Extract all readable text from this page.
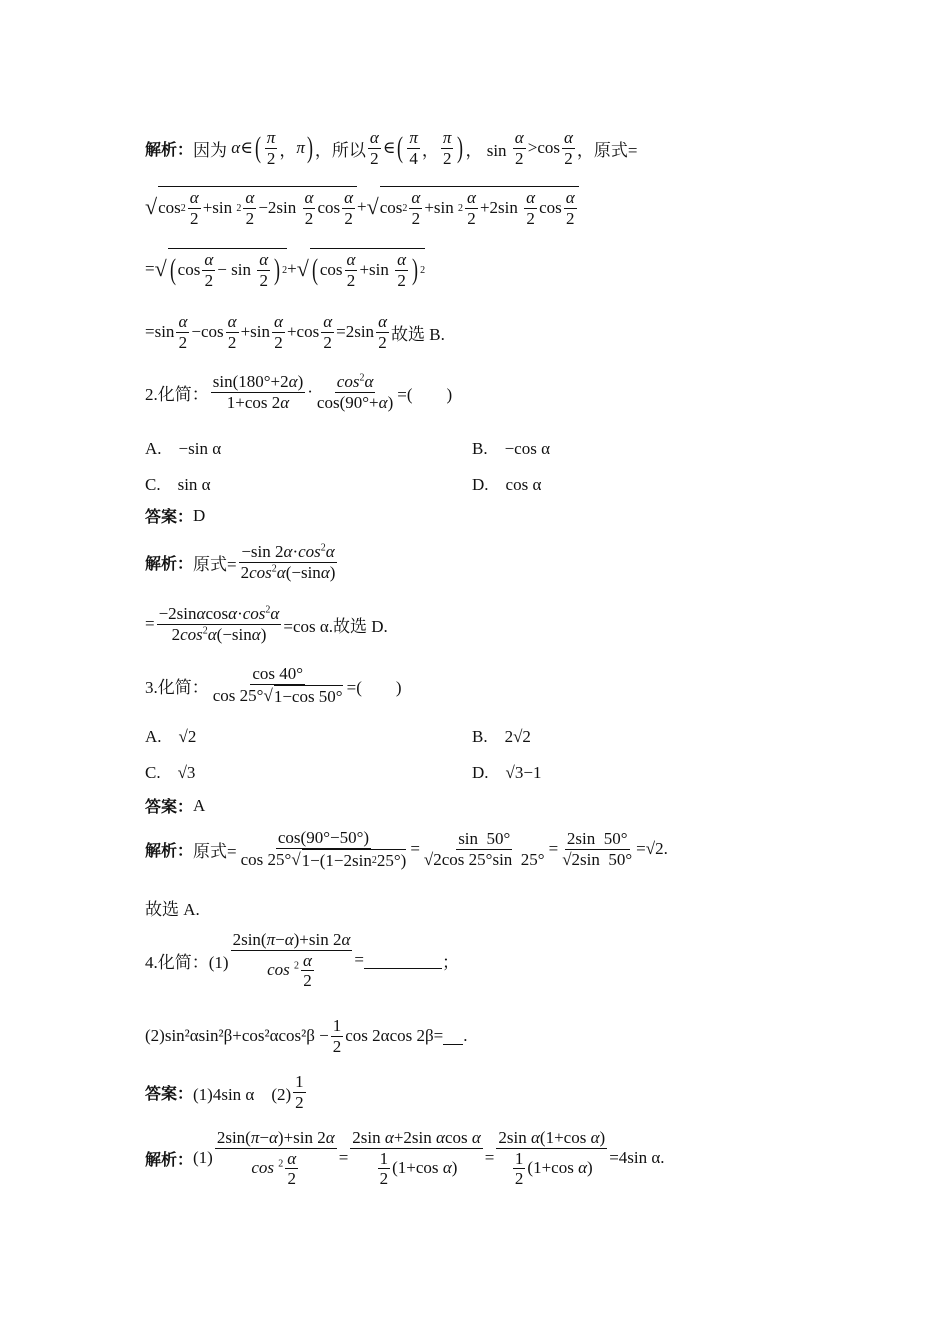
解析： 因为 α ∈ ( $\frac{\pi}{2}$ ， π ) ， 所以 $\frac{\alpha}{2}$ ∈ ( $\frac{\pi}{4}$ ， $\frac{\pi}{2}$ ) ， $\sin \frac{\alpha}{2} >\cos \frac{\alpha}{2}$ ， 原式=
√ $\cos 2 \frac{\alpha}{2} +\sin$ $2 \frac{\alpha}{2} -2\sin \frac{\alpha}{2}$ $\cos \frac{\alpha}{2}$ + √ $\cos 2 \frac{\alpha}{2} +\sin$ $2 \frac{\alpha}{2} +2\sin \frac{\alpha}{2}$ $\cos \frac{\alpha}{2}$
= √ ( $\cos \frac{\alpha}{2} - \sin \frac{\alpha}{2}$ ) 2 + √ ( $\cos \frac{\alpha}{2} +\sin \frac{\alpha}{2}$ ) 2
$=\sin \frac{\alpha}{2} -\cos \frac{\alpha}{2} +\sin \frac{\alpha}{2} +\cos \frac{\alpha}{2} =2\sin \frac{\alpha}{2}$ 故选 B.
2.化简： $\frac{\sin(180^\circ+2\alpha)}{1+\cos 2\alpha} \cdot \frac{\cos^2\alpha}{\cos(90^\circ+\alpha)}$ =(　　)
A.　−sin α	B.　−cos α
C.　sin α	D.　cos α
答案： D
解析： 原式= $\frac{-\sin 2\alpha\cdot\cos^2\alpha}{2\cos^2\alpha(-\sin\alpha)}$
= $\frac{-2\sin\alpha\cos\alpha\cdot\cos^2\alpha}{2\cos^2\alpha(-\sin\alpha)} =\cos$ α.故选 D.
3.化简： $\frac{\cos 40^\circ}{\cos 25^\circ √ 1-\cos 50^\circ}$ =(　　)
A.　√2	B.　2√2
C.　√3	D.　√3−1
答案： A
解析： 原式= $\frac{\cos(90^\circ-50^\circ)}{\cos 25^\circ √ 1-(1-2\sin 2 25^\circ)} = \frac{\sin 50^\circ}{√2\cos 25^\circ\sin 25^\circ} = \frac{2\sin 50^\circ}{√2\sin 50^\circ} =√2$.
故选 A.
4.化简：$(1) \frac{2\sin(\pi-\alpha)+\sin 2\alpha}{\cos ^2 \frac{\alpha}{2}}$ =	；
$(2)\sin^2\alpha\sin^2\beta+\cos^2\alpha\cos^2\beta - \frac{1}{2}$ cos 2αcos 2β= .
答案： (1)4sin α　$(2) \frac{1}{2}$
解析： $(1) \frac{2\sin(\pi-\alpha)+\sin 2\alpha}{\cos ^2 \frac{\alpha}{2}} = \frac{\text{2sin α+2sin αcos α}}{\frac{1}{2} (1+\cos \alpha)} = \frac{\text{2sin α(1+cos α)}}{\frac{1}{2} (1+\cos \alpha)} =4\sin$ α.
